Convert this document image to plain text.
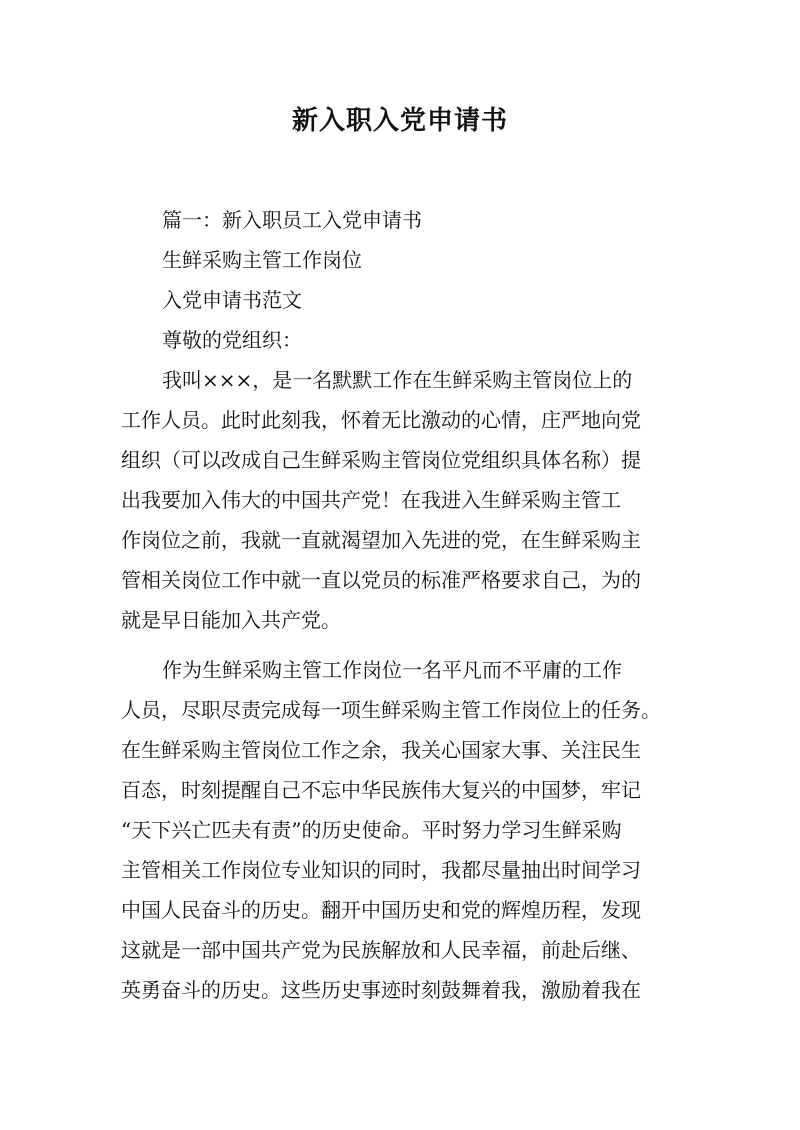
新入职入党申请书
篇一：新入职员工入党申请书
生鲜采购主管工作岗位
入党申请书范文
尊敬的党组织：
我叫×××，是一名默默工作在生鲜采购主管岗位上的
工作人员。此时此刻我，怀着无比激动的心情，庄严地向党
组织（可以改成自己生鲜采购主管岗位党组织具体名称）提
出我要加入伟大的中国共产党！在我进入生鲜采购主管工
作岗位之前，我就一直就渴望加入先进的党，在生鲜采购主
管相关岗位工作中就一直以党员的标准严格要求自己，为的
就是早日能加入共产党。
作为生鲜采购主管工作岗位一名平凡而不平庸的工作
人员，尽职尽责完成每一项生鲜采购主管工作岗位上的任务。
在生鲜采购主管岗位工作之余，我关心国家大事、关注民生
百态，时刻提醒自己不忘中华民族伟大复兴的中国梦，牢记
“天下兴亡匹夫有责”的历史使命。平时努力学习生鲜采购
主管相关工作岗位专业知识的同时，我都尽量抽出时间学习
中国人民奋斗的历史。翻开中国历史和党的辉煌历程，发现
这就是一部中国共产党为民族解放和人民幸福，前赴后继、
英勇奋斗的历史。这些历史事迹时刻鼓舞着我，激励着我在
